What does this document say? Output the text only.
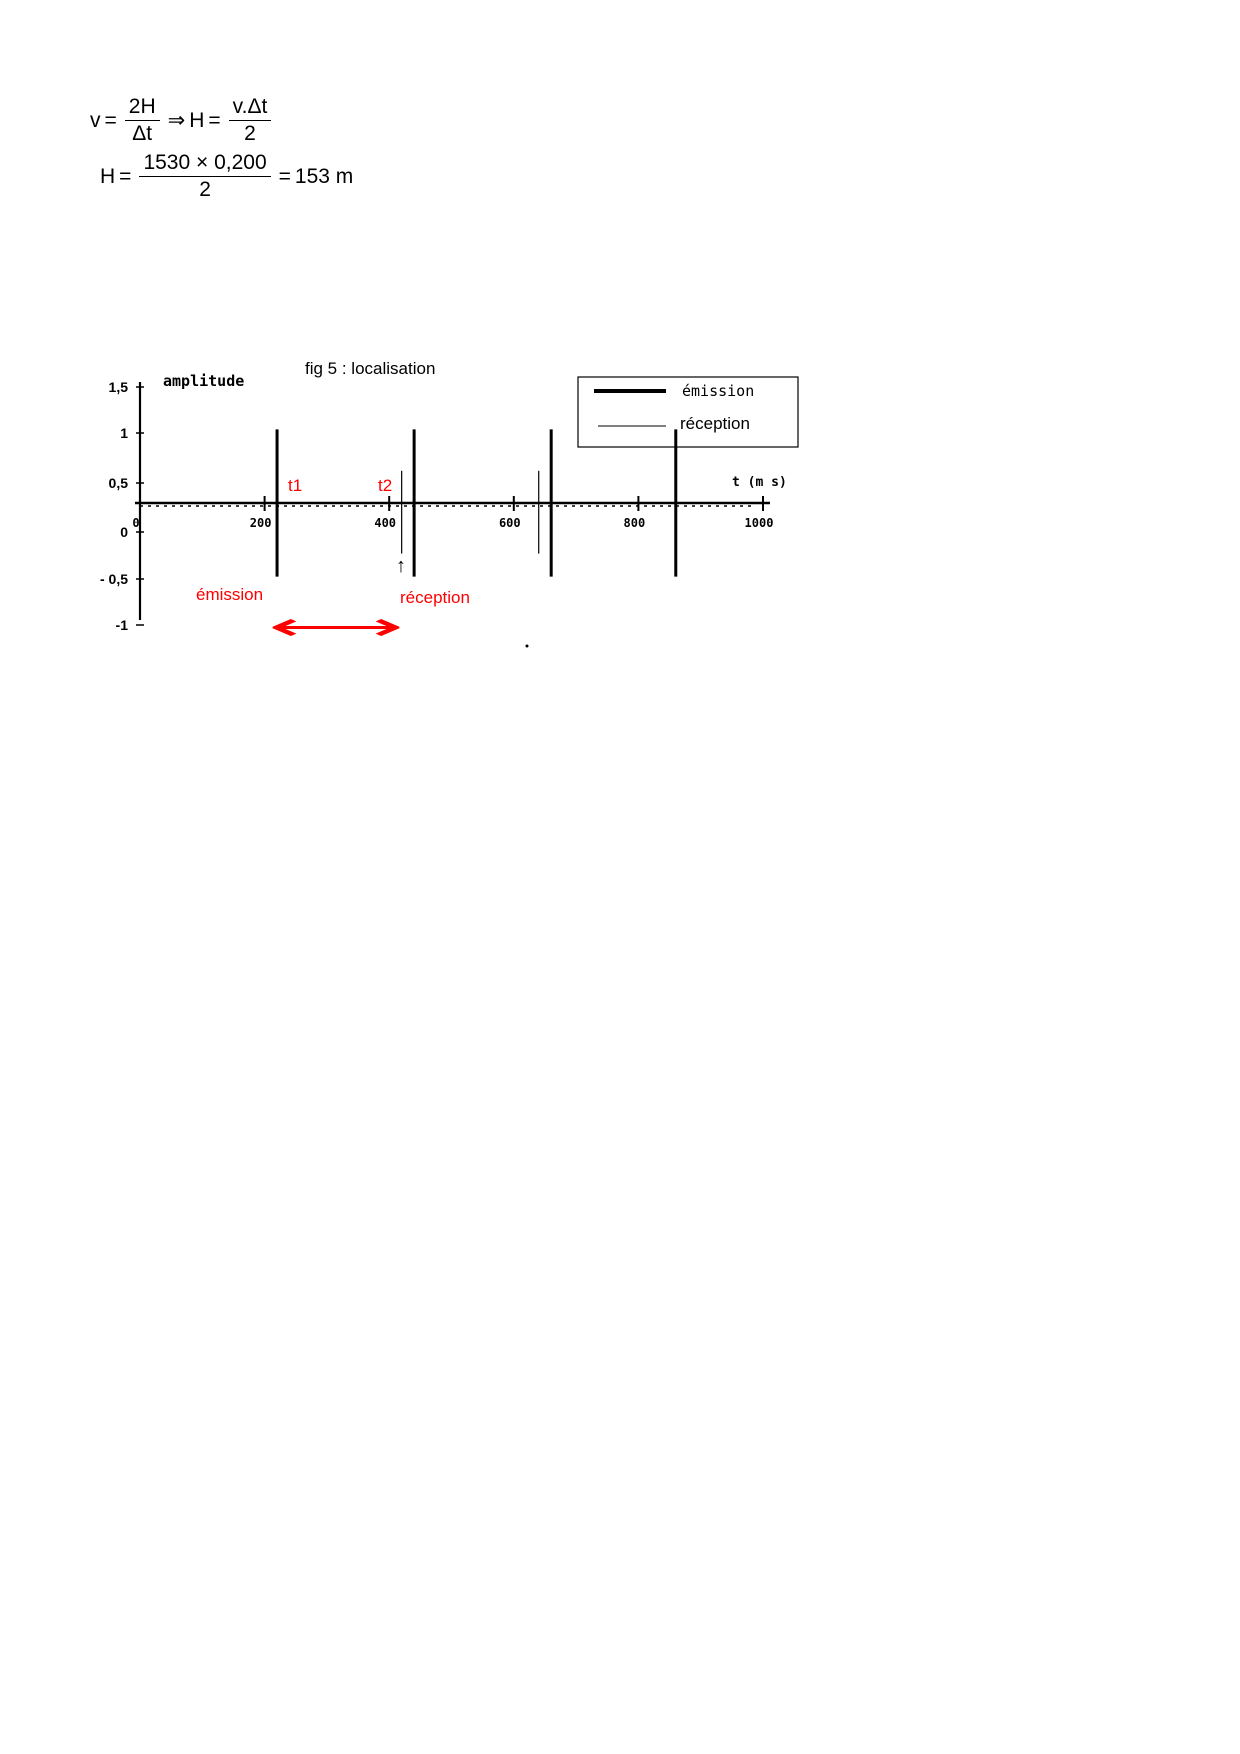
$v = \frac{2H}{\Delta t}$ ⇒ $H = \frac{v.\Delta t}{2}$
$H = \frac{1530 \times 0,200}{2} = 153$ m
fig 5 : localisation
amplitude
t (m s)
émission
réception
1,5
1
0,5
0
- 0,5
-1
0	200	400	600	800	1000
t1	t2
émission	réception
↑
⟷
